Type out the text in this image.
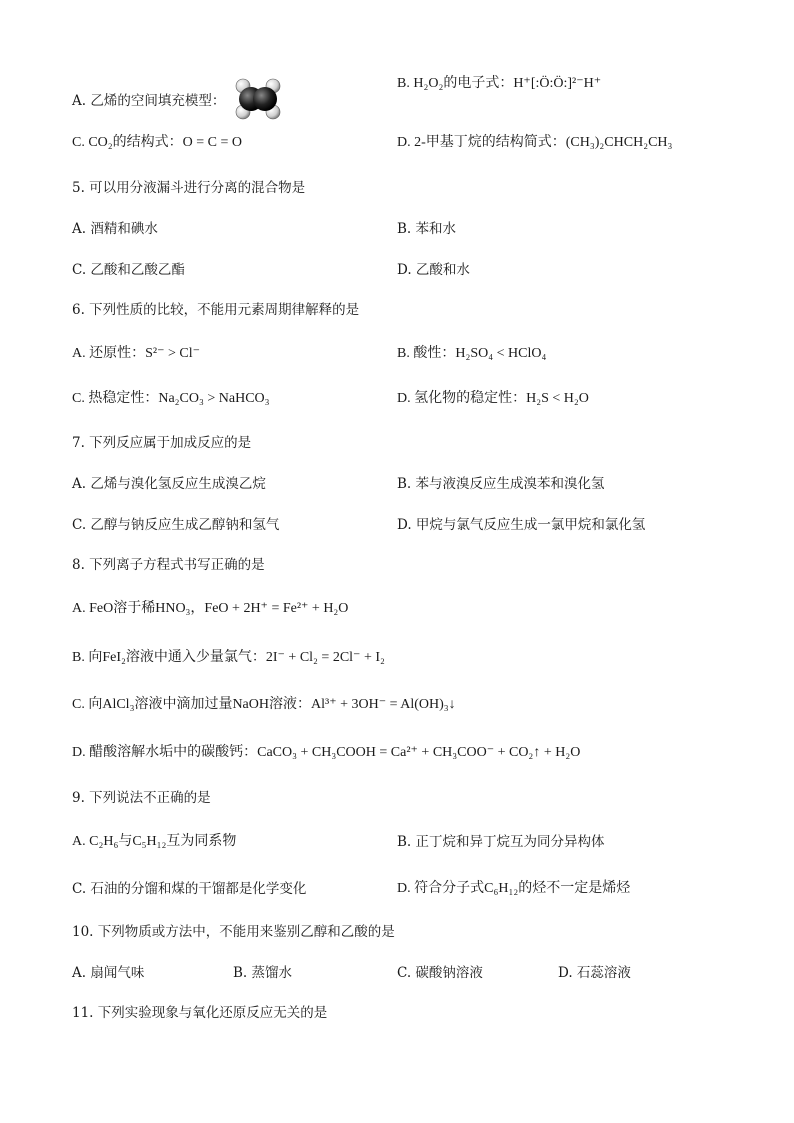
A. 乙烯的空间填充模型：
B. H₂O₂的电子式：H⁺[:Ö:Ö:]²⁻H⁺
C. CO₂的结构式：O = C = O	D. 2-甲基丁烷的结构简式：(CH₃)₂CHCH₂CH₃
5. 可以用分液漏斗进行分离的混合物是
A. 酒精和碘水	B. 苯和水
C. 乙酸和乙酸乙酯	D. 乙酸和水
6. 下列性质的比较，不能用元素周期律解释的是
A. 还原性：S²⁻ > Cl⁻	B. 酸性：H₂SO₄ < HClO₄
C. 热稳定性：Na₂CO₃ > NaHCO₃	D. 氢化物的稳定性：H₂S < H₂O
7. 下列反应属于加成反应的是
A. 乙烯与溴化氢反应生成溴乙烷	B. 苯与液溴反应生成溴苯和溴化氢
C. 乙醇与钠反应生成乙醇钠和氢气	D. 甲烷与氯气反应生成一氯甲烷和氯化氢
8. 下列离子方程式书写正确的是
A. FeO溶于稀HNO₃，FeO + 2H⁺ = Fe²⁺ + H₂O
B. 向FeI₂溶液中通入少量氯气：2I⁻ + Cl₂ = 2Cl⁻ + I₂
C. 向AlCl₃溶液中滴加过量NaOH溶液：Al³⁺ + 3OH⁻ = Al(OH)₃↓
D. 醋酸溶解水垢中的碳酸钙：CaCO₃ + CH₃COOH = Ca²⁺ + CH₃COO⁻ + CO₂↑ + H₂O
9. 下列说法不正确的是
A. C₂H₆与C₅H₁₂互为同系物	B. 正丁烷和异丁烷互为同分异构体
C. 石油的分馏和煤的干馏都是化学变化	D. 符合分子式C₆H₁₂的烃不一定是烯烃
10. 下列物质或方法中，不能用来鉴别乙醇和乙酸的是
A. 扇闻气味	B. 蒸馏水	C. 碳酸钠溶液	D. 石蕊溶液
11. 下列实验现象与氧化还原反应无关的是
